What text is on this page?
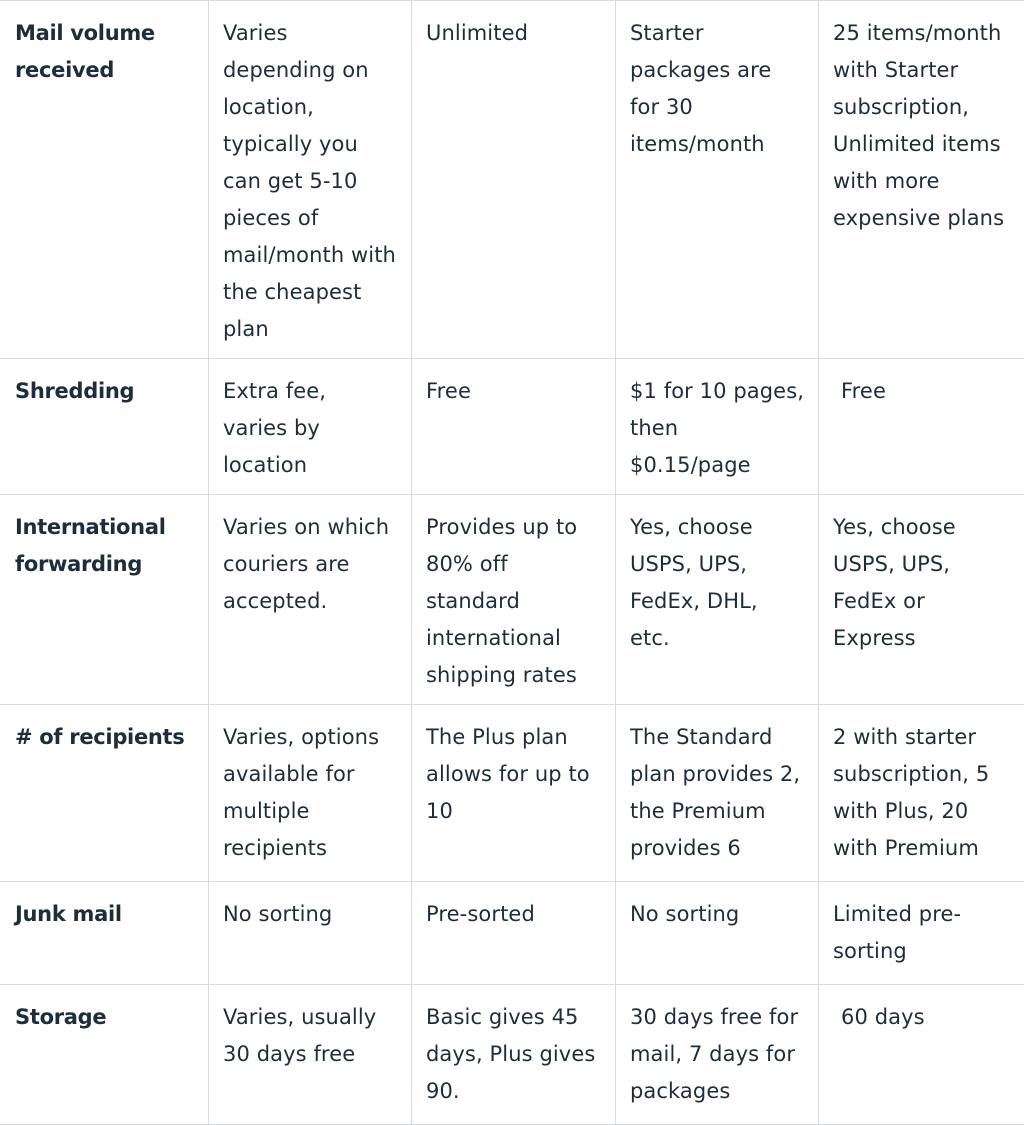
Mail volume received	Varies depending on location, typically you can get 5-10 pieces of mail/month with the cheapest plan	Unlimited	Starter packages are for 30 items/month	25 items/month with Starter subscription, Unlimited items with more expensive plans
Shredding	Extra fee, varies by location	Free	$1 for 10 pages, then $0.15/page	Free
International forwarding	Varies on which couriers are accepted.	Provides up to 80% off standard international shipping rates	Yes, choose USPS, UPS, FedEx, DHL, etc.	Yes, choose USPS, UPS, FedEx or Express
# of recipients	Varies, options available for multiple recipients	The Plus plan allows for up to 10	The Standard plan provides 2, the Premium provides 6	2 with starter subscription, 5 with Plus, 20 with Premium
Junk mail	No sorting	Pre-sorted	No sorting	Limited pre-sorting
Storage	Varies, usually 30 days free	Basic gives 45 days, Plus gives 90.	30 days free for mail, 7 days for packages	60 days
